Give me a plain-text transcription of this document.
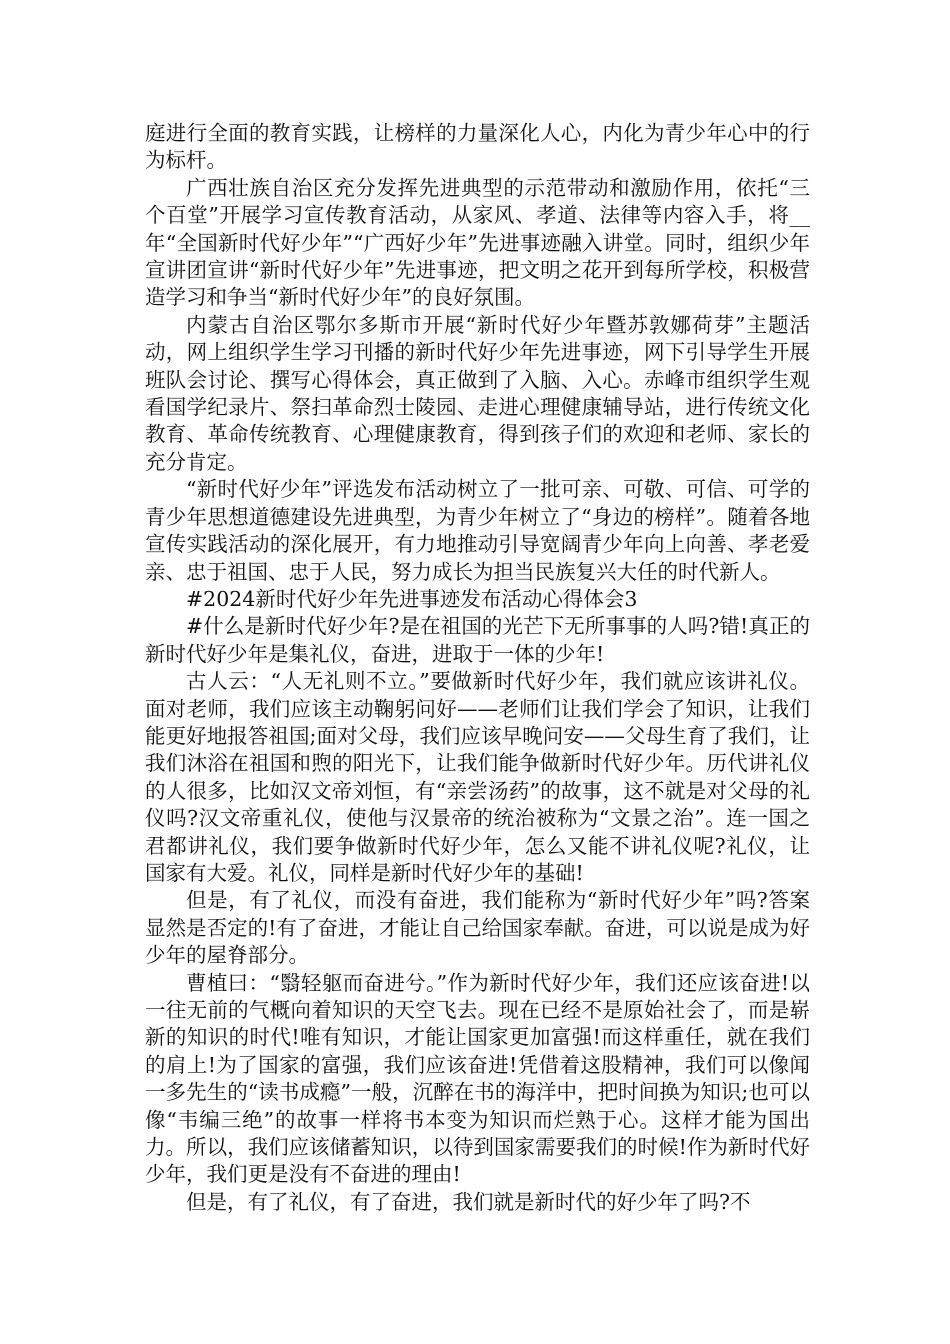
庭进行全面的教育实践，让榜样的力量深化人心，内化为青少年心中的行为标杆。

广西壮族自治区充分发挥先进典型的示范带动和激励作用，依托“三个百堂”开展学习宣传教育活动，从家风、孝道、法律等内容入手，将__年“全国新时代好少年”“广西好少年”先进事迹融入讲堂。同时，组织少年宣讲团宣讲“新时代好少年”先进事迹，把文明之花开到每所学校，积极营造学习和争当“新时代好少年”的良好氛围。

内蒙古自治区鄂尔多斯市开展“新时代好少年暨苏敦娜荷芽”主题活动，网上组织学生学习刊播的新时代好少年先进事迹，网下引导学生开展班队会讨论、撰写心得体会，真正做到了入脑、入心。赤峰市组织学生观看国学纪录片、祭扫革命烈士陵园、走进心理健康辅导站，进行传统文化教育、革命传统教育、心理健康教育，得到孩子们的欢迎和老师、家长的充分肯定。

“新时代好少年”评选发布活动树立了一批可亲、可敬、可信、可学的青少年思想道德建设先进典型，为青少年树立了“身边的榜样”。随着各地宣传实践活动的深化展开，有力地推动引导宽阔青少年向上向善、孝老爱亲、忠于祖国、忠于人民，努力成长为担当民族复兴大任的时代新人。

#2024新时代好少年先进事迹发布活动心得体会3

#什么是新时代好少年?是在祖国的光芒下无所事事的人吗?错!真正的新时代好少年是集礼仪，奋进，进取于一体的少年!

古人云：“人无礼则不立。”要做新时代好少年，我们就应该讲礼仪。面对老师，我们应该主动鞠躬问好——老师们让我们学会了知识，让我们能更好地报答祖国;面对父母，我们应该早晚问安——父母生育了我们，让我们沐浴在祖国和煦的阳光下，让我们能争做新时代好少年。历代讲礼仪的人很多，比如汉文帝刘恒，有“亲尝汤药”的故事，这不就是对父母的礼仪吗?汉文帝重礼仪，使他与汉景帝的统治被称为“文景之治”。连一国之君都讲礼仪，我们要争做新时代好少年，怎么又能不讲礼仪呢?礼仪，让国家有大爱。礼仪，同样是新时代好少年的基础!

但是，有了礼仪，而没有奋进，我们能称为“新时代好少年”吗?答案显然是否定的!有了奋进，才能让自己给国家奉献。奋进，可以说是成为好少年的屋脊部分。

曹植曰：“翳轻躯而奋进兮。”作为新时代好少年，我们还应该奋进!以一往无前的气概向着知识的天空飞去。现在已经不是原始社会了，而是崭新的知识的时代!唯有知识，才能让国家更加富强!而这样重任，就在我们的肩上!为了国家的富强，我们应该奋进!凭借着这股精神，我们可以像闻一多先生的“读书成瘾”一般，沉醉在书的海洋中，把时间换为知识;也可以像“韦编三绝”的故事一样将书本变为知识而烂熟于心。这样才能为国出力。所以，我们应该储蓄知识，以待到国家需要我们的时候!作为新时代好少年，我们更是没有不奋进的理由!

但是，有了礼仪，有了奋进，我们就是新时代的好少年了吗?不
